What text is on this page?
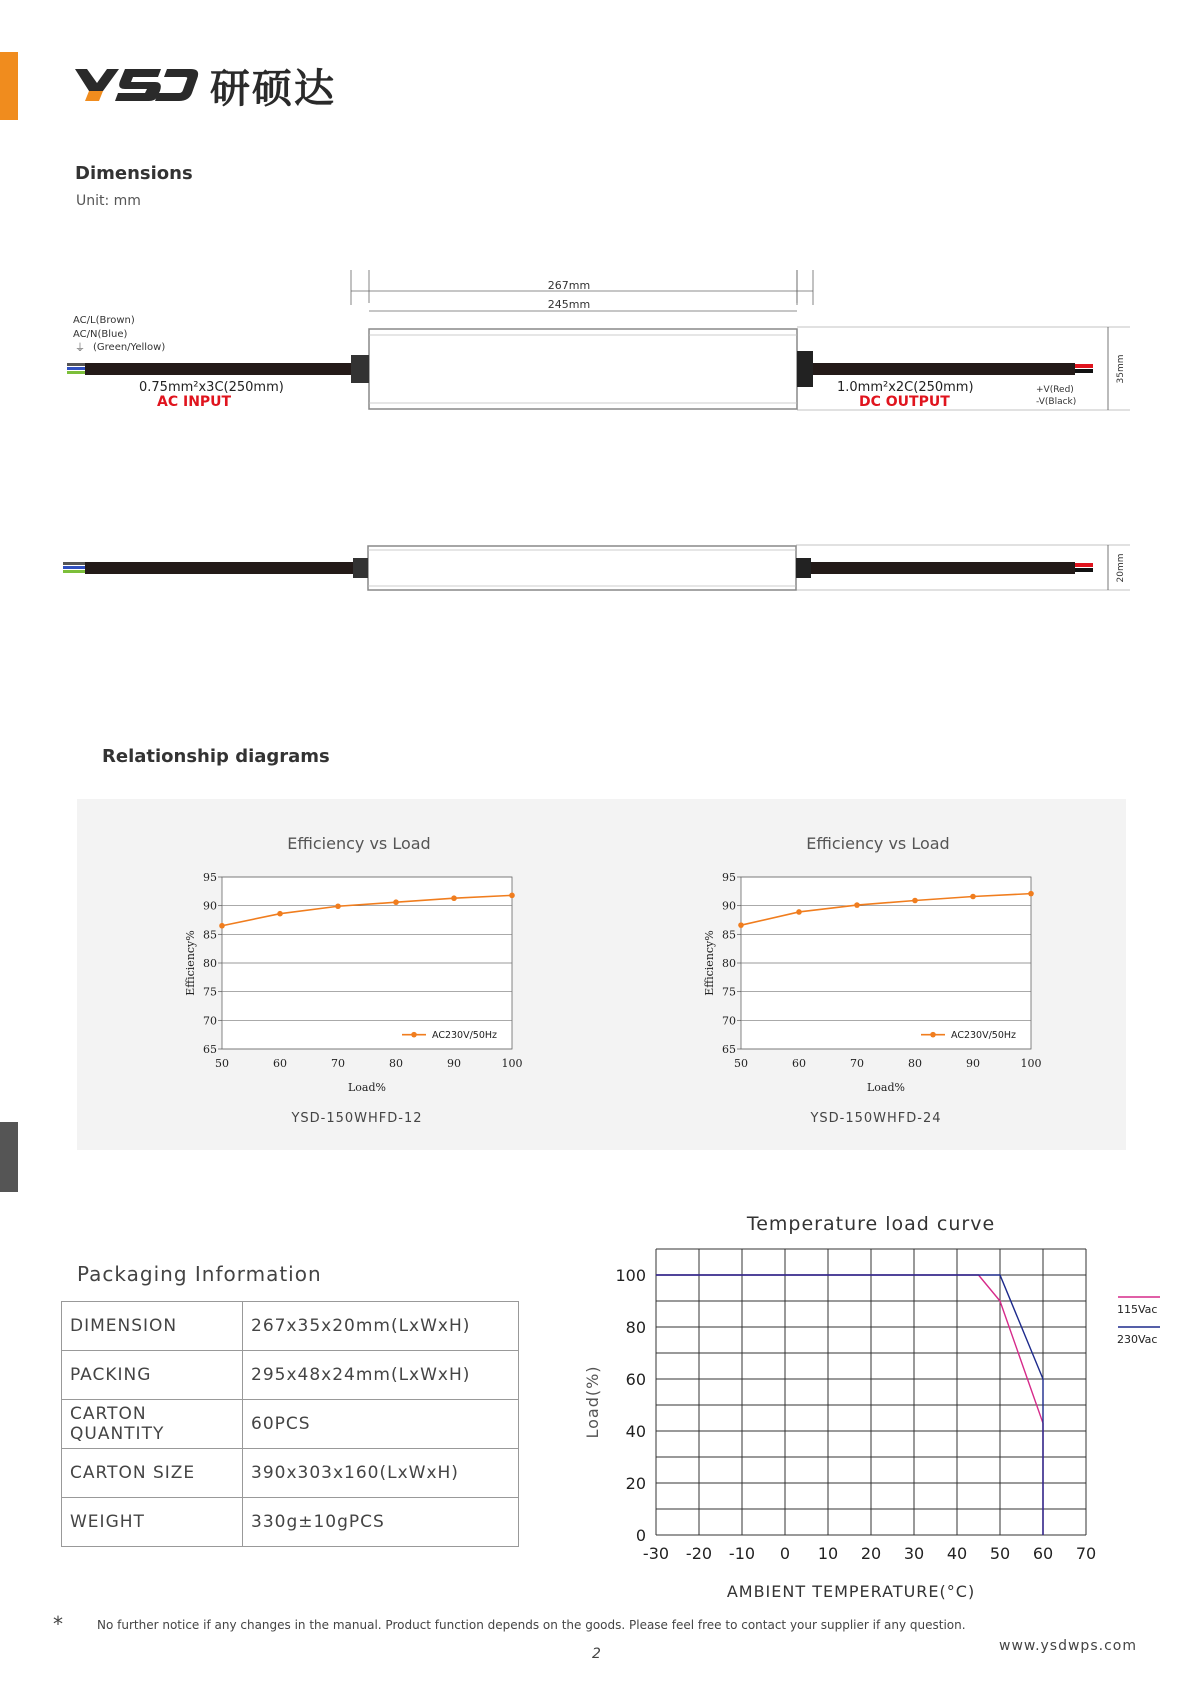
研硕达
Dimensions
Unit: mm
267mm
245mm
35mm
AC/L(Brown)
AC/N(Blue)
⏚ (Green/Yellow)
0.75mm²x3C(250mm)
AC INPUT
1.0mm²x2C(250mm)
DC OUTPUT
+V(Red)
-V(Black)
20mm
Relationship diagrams
Efficiency vs Load
65
70
75
80
85
90
95
50	60	70	80	90	100
Load%
Efficiency%
AC230V/50Hz
YSD-150WHFD-12
Efficiency vs Load
65
70
75
80
85
90
95
50	60	70	80	90	100
Load%
Efficiency%
AC230V/50Hz
YSD-150WHFD-24
Packaging Information
DIMENSION	267x35x20mm(LxWxH)
PACKING	295x48x24mm(LxWxH)
CARTON QUANTITY	60PCS
CARTON SIZE	390x303x160(LxWxH)
WEIGHT	330g±10gPCS
Temperature load curve
-30 -20 -10 0 10 20 30 40 50 60 70
0
20
40
60
80
100
AMBIENT TEMPERATURE(°C)
Load(%)
115Vac
230Vac
*	No further notice if any changes in the manual. Product function depends on the goods. Please feel free to contact your supplier if any question.
2	www.ysdwps.com
